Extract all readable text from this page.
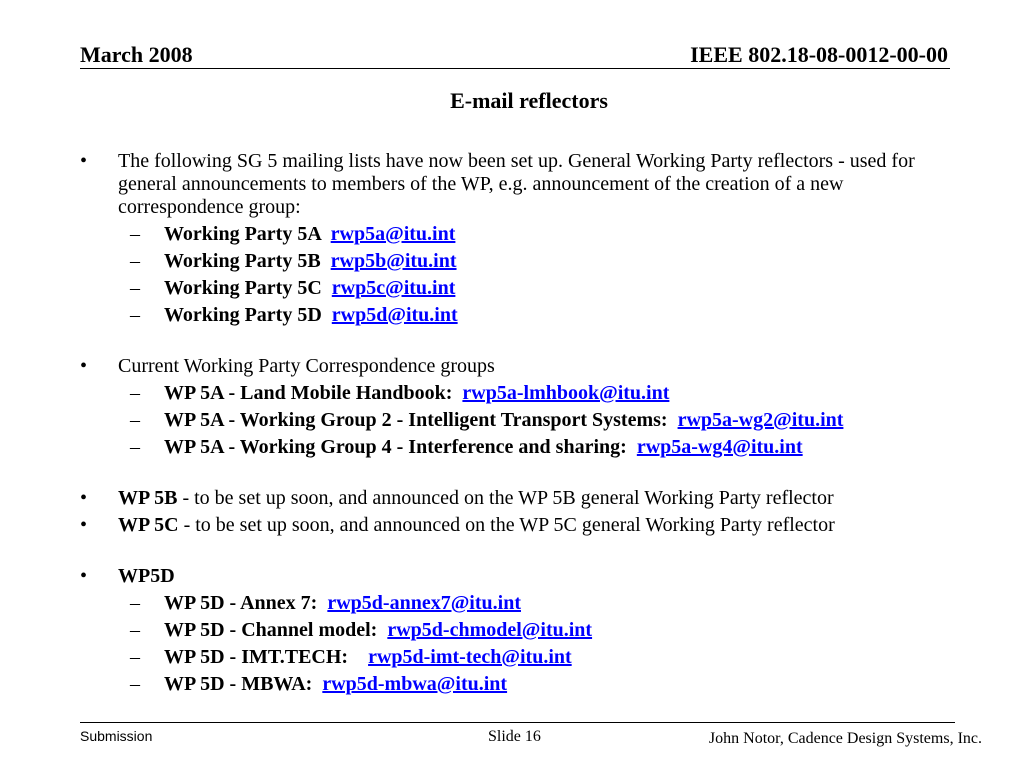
March 2008	IEEE 802.18-08-0012-00-00
E-mail reflectors
• The following SG 5 mailing lists have now been set up. General Working Party reflectors - used for general announcements to members of the WP, e.g. announcement of the creation of a new correspondence group:
– Working Party 5A  rwp5a@itu.int
– Working Party 5B  rwp5b@itu.int
– Working Party 5C  rwp5c@itu.int
– Working Party 5D  rwp5d@itu.int
• Current Working Party Correspondence groups
– WP 5A - Land Mobile Handbook:  rwp5a-lmhbook@itu.int
– WP 5A - Working Group 2 - Intelligent Transport Systems:  rwp5a-wg2@itu.int
– WP 5A - Working Group 4 - Interference and sharing:  rwp5a-wg4@itu.int
• WP 5B - to be set up soon, and announced on the WP 5B general Working Party reflector
• WP 5C - to be set up soon, and announced on the WP 5C general Working Party reflector
• WP5D
– WP 5D - Annex 7:  rwp5d-annex7@itu.int
– WP 5D - Channel model:  rwp5d-chmodel@itu.int
– WP 5D - IMT.TECH:    rwp5d-imt-tech@itu.int
– WP 5D - MBWA:  rwp5d-mbwa@itu.int
Submission	Slide 16	John Notor, Cadence Design Systems, Inc.
